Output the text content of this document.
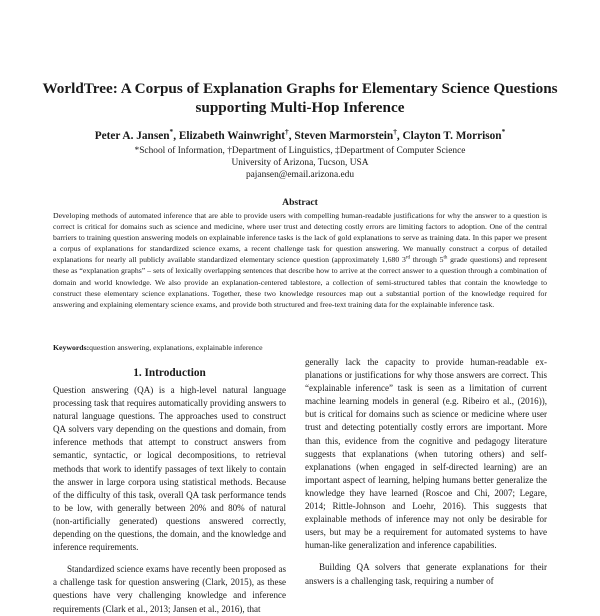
WorldTree: A Corpus of Explanation Graphs for Elementary Science Questions
supporting Multi-Hop Inference
Peter A. Jansen*, Elizabeth Wainwright†, Steven Marmorstein†, Clayton T. Morrison*
*School of Information, †Department of Linguistics, ‡Department of Computer Science
University of Arizona, Tucson, USA
pajansen@email.arizona.edu
Abstract
Developing methods of automated inference that are able to provide users with compelling human-readable justifications for why the answer to a question is correct is critical for domains such as science and medicine, where user trust and detecting costly errors are limiting factors to adoption. One of the central barriers to training question answering models on explainable inference tasks is the lack of gold explanations to serve as training data. In this paper we present a corpus of explanations for standardized science exams, a recent challenge task for question answering. We manually construct a corpus of detailed explanations for nearly all publicly available standardized elementary science question (approximately 1,680 3rd through 5th grade questions) and represent these as “explanation graphs” – sets of lexically overlapping sentences that describe how to arrive at the correct answer to a question through a combination of domain and world knowledge. We also provide an explanation-centered tablestore, a collection of semi-structured tables that contain the knowledge to construct these elementary science explanations. Together, these two knowledge resources map out a substantial portion of the knowledge required for answering and explaining elementary science exams, and provide both structured and free-text training data for the explainable inference task.
Keywords:question answering, explanations, explainable inference
1. Introduction

Question answering (QA) is a high-level natural language processing task that requires automatically providing answers to natural language questions. The approaches used to construct QA solvers vary depending on the questions and domain, from inference methods that attempt to construct answers from semantic, syntactic, or logical decompositions, to retrieval methods that work to identify passages of text likely to contain the answer in large corpora using statistical methods. Because of the difficulty of this task, overall QA task performance tends to be low, with generally between 20% and 80% of natural (non-artificially generated) questions answered correctly, depending on the questions, the domain, and the knowledge and inference requirements.

Standardized science exams have recently been proposed as a challenge task for question answering (Clark, 2015), as these questions have very challenging knowledge and inference requirements (Clark et al., 2013; Jansen et al., 2016), that

generally lack the capacity to provide human-readable explanations or justifications for why those answers are correct. This “explainable inference” task is seen as a limitation of current machine learning models in general (e.g. Ribeiro et al., (2016)), but is critical for domains such as science or medicine where user trust and detecting potentially costly errors are important. More than this, evidence from the cognitive and pedagogy literature suggests that explanations (when tutoring others) and self-explanations (when engaged in self-directed learning) are an important aspect of learning, helping humans better generalize the knowledge they have learned (Roscoe and Chi, 2007; Legare, 2014; Rittle-Johnson and Loehr, 2016). This suggests that explainable methods of inference may not only be desirable for users, but may be a requirement for automated systems to have human-like generalization and inference capabilities.

Building QA solvers that generate explanations for their answers is a challenging task, requiring a number of
